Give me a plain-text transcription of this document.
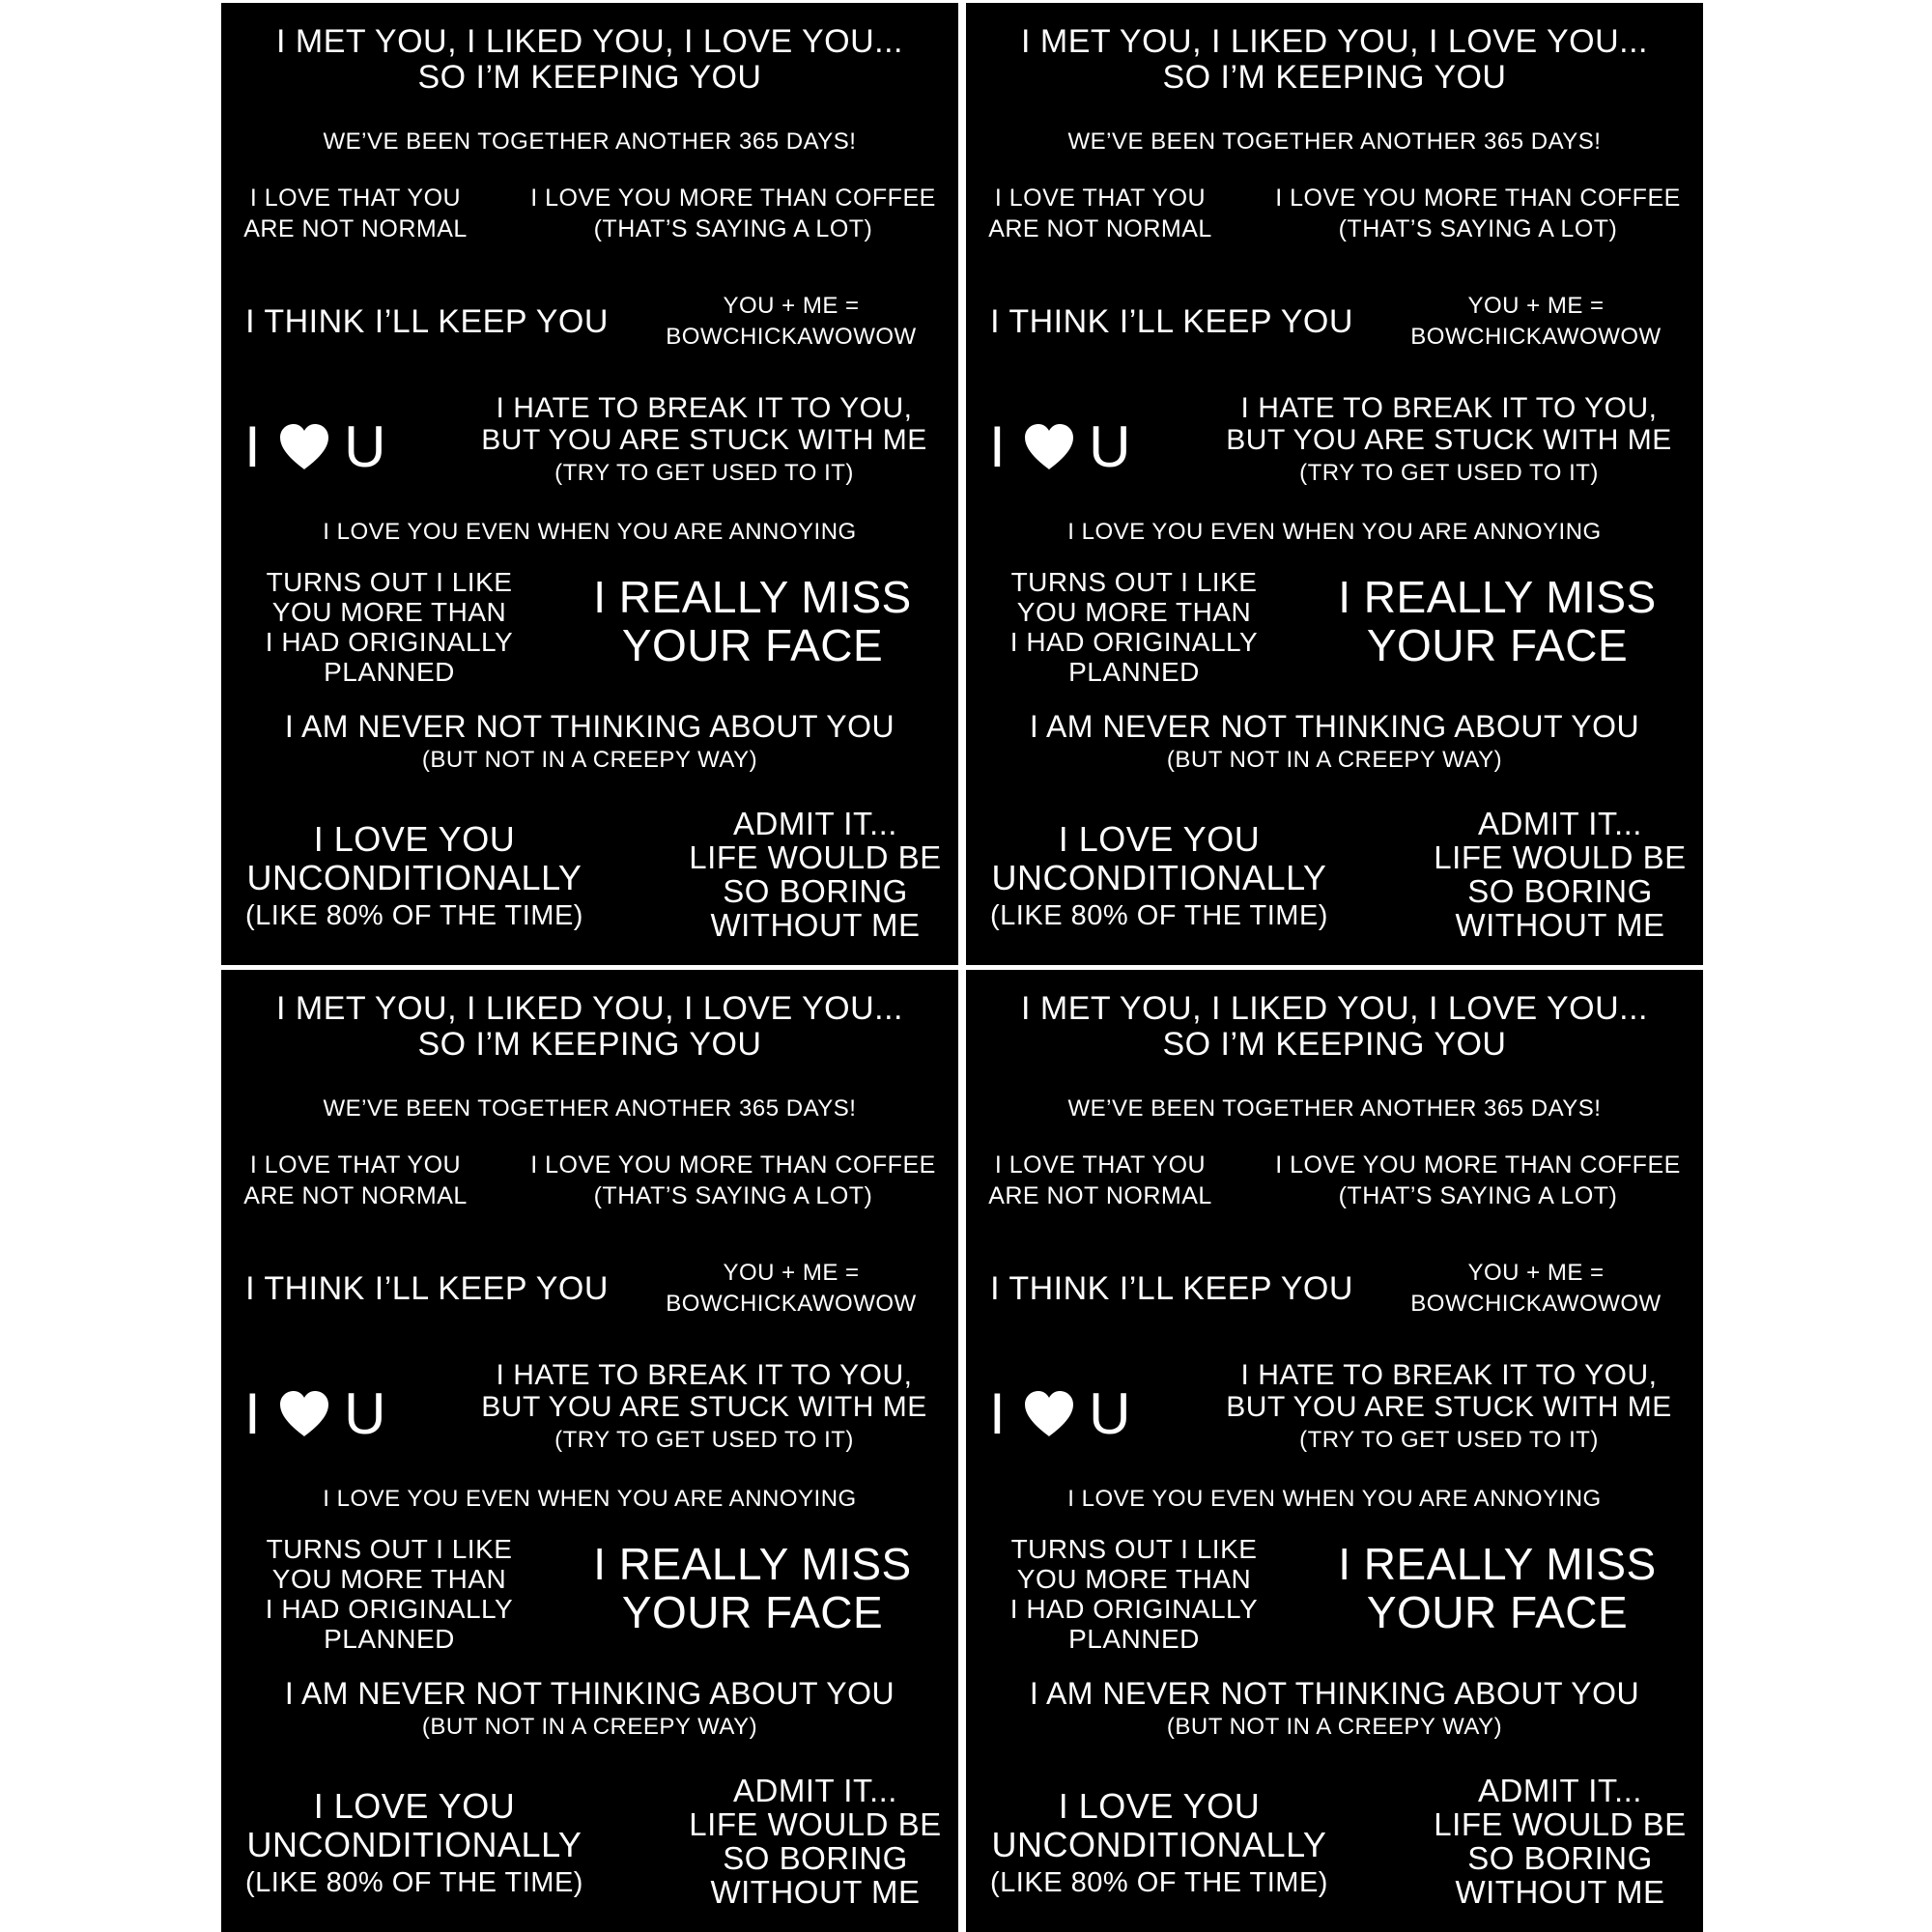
I MET YOU, I LIKED YOU, I LOVE YOU...
SO I’M KEEPING YOU
WE’VE BEEN TOGETHER ANOTHER 365 DAYS!
I LOVE THAT YOU
ARE NOT NORMAL
I LOVE YOU MORE THAN COFFEE
(THAT’S SAYING A LOT)
I THINK I’LL KEEP YOU	YOU + ME =
BOWCHICKAWOWOW
I U
I HATE TO BREAK IT TO YOU,
BUT YOU ARE STUCK WITH ME
(TRY TO GET USED TO IT)
I LOVE YOU EVEN WHEN YOU ARE ANNOYING
TURNS OUT I LIKE
YOU MORE THAN
I HAD ORIGINALLY
PLANNED
I REALLY MISS
YOUR FACE
I AM NEVER NOT THINKING ABOUT YOU
(BUT NOT IN A CREEPY WAY)
I LOVE YOU
UNCONDITIONALLY
(LIKE 80% OF THE TIME)
ADMIT IT...
LIFE WOULD BE
SO BORING
WITHOUT ME
I MET YOU, I LIKED YOU, I LOVE YOU...
SO I’M KEEPING YOU
WE’VE BEEN TOGETHER ANOTHER 365 DAYS!
I LOVE THAT YOU
ARE NOT NORMAL
I LOVE YOU MORE THAN COFFEE
(THAT’S SAYING A LOT)
I THINK I’LL KEEP YOU	YOU + ME =
BOWCHICKAWOWOW
I U
I HATE TO BREAK IT TO YOU,
BUT YOU ARE STUCK WITH ME
(TRY TO GET USED TO IT)
I LOVE YOU EVEN WHEN YOU ARE ANNOYING
TURNS OUT I LIKE
YOU MORE THAN
I HAD ORIGINALLY
PLANNED
I REALLY MISS
YOUR FACE
I AM NEVER NOT THINKING ABOUT YOU
(BUT NOT IN A CREEPY WAY)
I LOVE YOU
UNCONDITIONALLY
(LIKE 80% OF THE TIME)
ADMIT IT...
LIFE WOULD BE
SO BORING
WITHOUT ME
I MET YOU, I LIKED YOU, I LOVE YOU...
SO I’M KEEPING YOU
WE’VE BEEN TOGETHER ANOTHER 365 DAYS!
I LOVE THAT YOU
ARE NOT NORMAL
I LOVE YOU MORE THAN COFFEE
(THAT’S SAYING A LOT)
I THINK I’LL KEEP YOU	YOU + ME =
BOWCHICKAWOWOW
I U
I HATE TO BREAK IT TO YOU,
BUT YOU ARE STUCK WITH ME
(TRY TO GET USED TO IT)
I LOVE YOU EVEN WHEN YOU ARE ANNOYING
TURNS OUT I LIKE
YOU MORE THAN
I HAD ORIGINALLY
PLANNED
I REALLY MISS
YOUR FACE
I AM NEVER NOT THINKING ABOUT YOU
(BUT NOT IN A CREEPY WAY)
I LOVE YOU
UNCONDITIONALLY
(LIKE 80% OF THE TIME)
ADMIT IT...
LIFE WOULD BE
SO BORING
WITHOUT ME
I MET YOU, I LIKED YOU, I LOVE YOU...
SO I’M KEEPING YOU
WE’VE BEEN TOGETHER ANOTHER 365 DAYS!
I LOVE THAT YOU
ARE NOT NORMAL
I LOVE YOU MORE THAN COFFEE
(THAT’S SAYING A LOT)
I THINK I’LL KEEP YOU	YOU + ME =
BOWCHICKAWOWOW
I U
I HATE TO BREAK IT TO YOU,
BUT YOU ARE STUCK WITH ME
(TRY TO GET USED TO IT)
I LOVE YOU EVEN WHEN YOU ARE ANNOYING
TURNS OUT I LIKE
YOU MORE THAN
I HAD ORIGINALLY
PLANNED
I REALLY MISS
YOUR FACE
I AM NEVER NOT THINKING ABOUT YOU
(BUT NOT IN A CREEPY WAY)
I LOVE YOU
UNCONDITIONALLY
(LIKE 80% OF THE TIME)
ADMIT IT...
LIFE WOULD BE
SO BORING
WITHOUT ME
